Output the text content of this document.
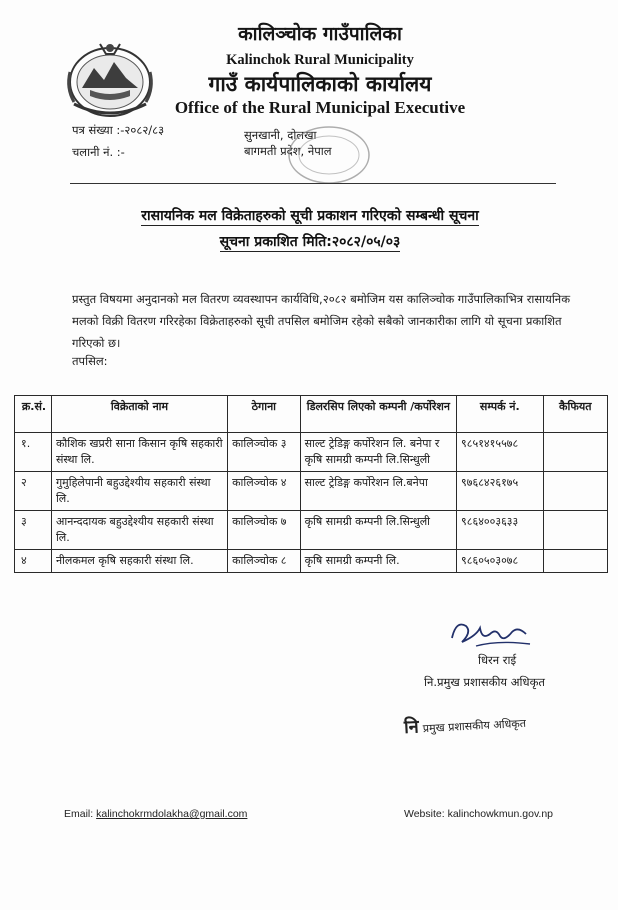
कालिञ्चोक गाउँपालिका
Kalinchok Rural Municipality
गाउँ कार्यपालिकाको कार्यालय
Office of the Rural Municipal Executive
पत्र संख्या :-२०८२/८३
चलानी नं. :-
सुनखानी, दोलखा
बागमती प्रदेश, नेपाल
रासायनिक मल विक्रेताहरुको सूची प्रकाशन गरिएको सम्बन्धी सूचना
सूचना प्रकाशित मिति:२०८२/०५/०३
प्रस्तुत विषयमा अनुदानको मल वितरण व्यवस्थापन कार्यविधि,२०८२ बमोजिम यस कालिञ्चोक गाउँपालिकाभित्र रासायनिक मलको विक्री वितरण गरिरहेका विक्रेताहरुको सूची तपसिल बमोजिम रहेको सबैको जानकारीका लागि यो सूचना प्रकाशित गरिएको छ।
तपसिल:
क्र.सं.	विक्रेताको नाम	ठेगाना	डिलरसिप लिएको कम्पनी /कर्पोरेशन	सम्पर्क नं.	कैफियत
१.	कौशिक खप्ररी साना किसान कृषि सहकारी संस्था लि.	कालिञ्चोक ३	साल्ट ट्रेडिङ्ग कर्पोरेशन लि. बनेपा र कृषि सामग्री कम्पनी लि.सिन्धुली	९८५१४१५५७८	
२	गुमुहिलेपानी बहुउद्देश्यीय सहकारी संस्था लि.	कालिञ्चोक ४	साल्ट ट्रेडिङ्ग कर्पोरेशन लि.बनेपा	९७६८४२६१७५	
३	आनन्ददायक बहुउद्देश्यीय सहकारी संस्था लि.	कालिञ्चोक ७	कृषि सामग्री कम्पनी लि.सिन्धुली	९८६४००३६३३	
४	नीलकमल कृषि सहकारी संस्था लि.	कालिञ्चोक ८	कृषि सामग्री कम्पनी लि.	९८६०५०३०७८	
धिरन राई
नि.प्रमुख प्रशासकीय अधिकृत
निप्रमुख प्रशासकीय अधिकृत
Email: kalinchokrmdolakha@gmail.com	Website: kalinchowkmun.gov.np
